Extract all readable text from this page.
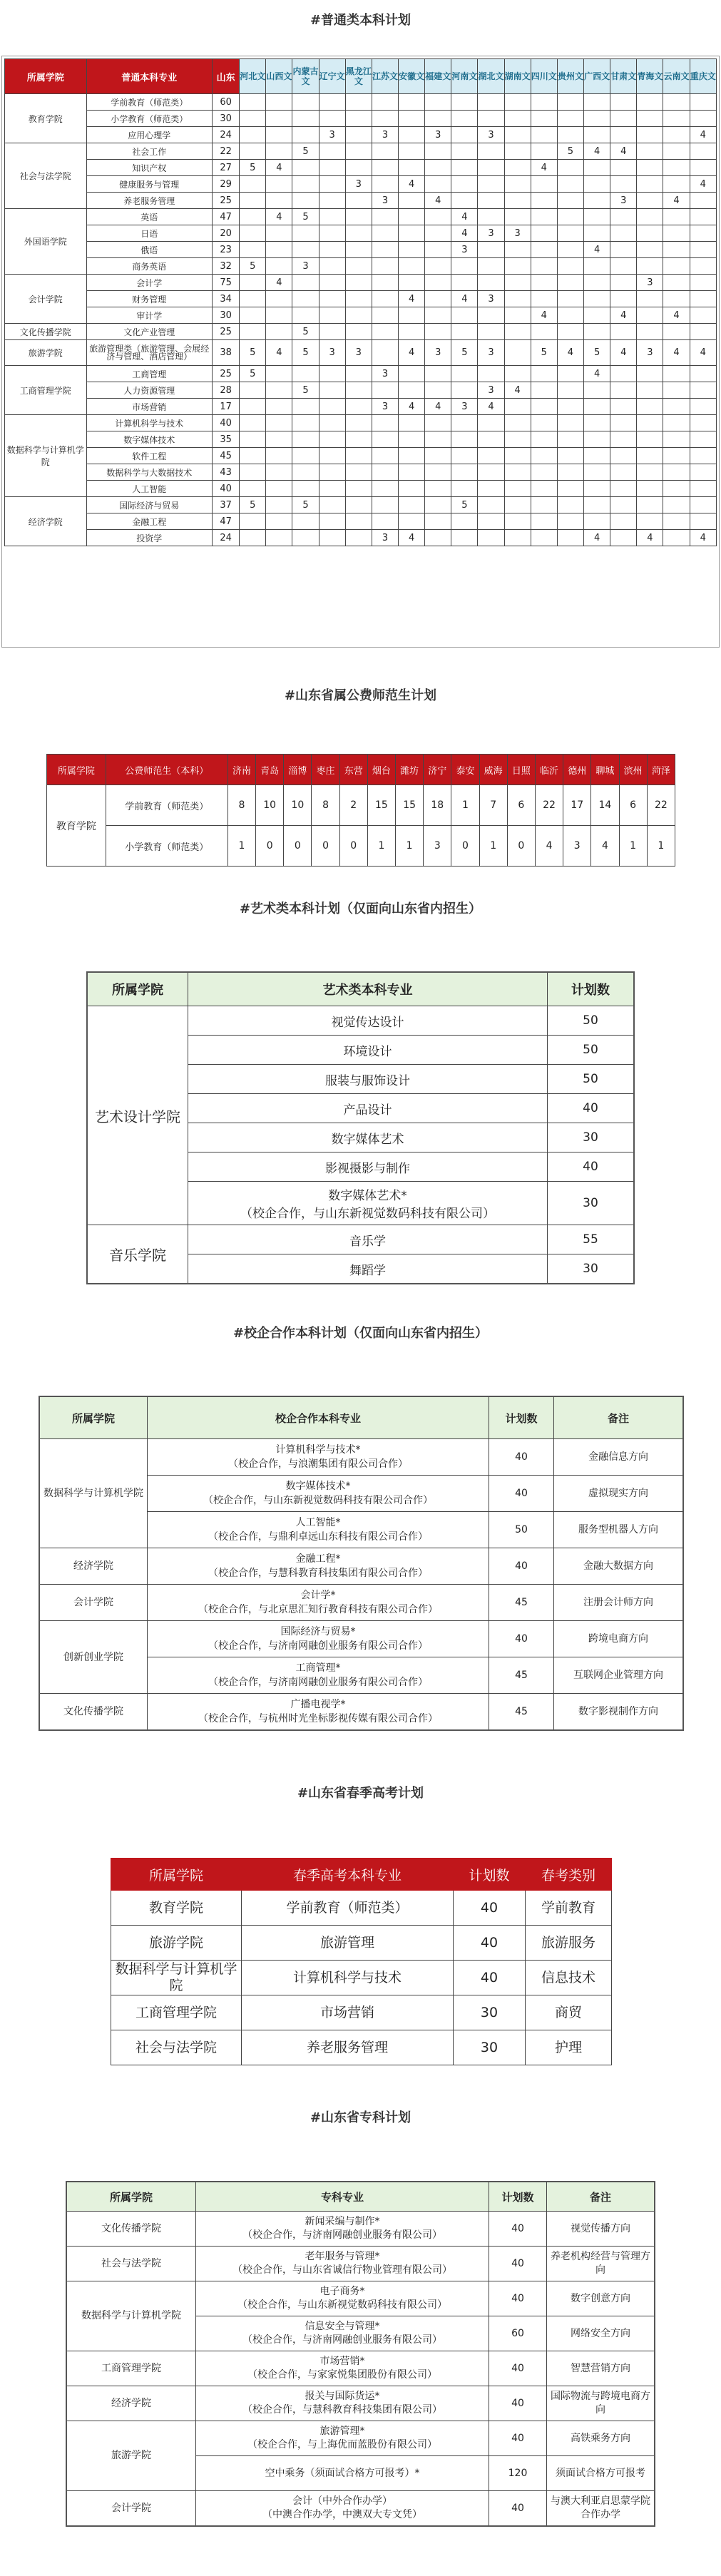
#普通类本科计划
所属学院	普通本科专业	山东	河北文	山西文	内蒙古文	辽宁文	黑龙江文	江苏文	安徽文	福建文	河南文	湖北文	湖南文	四川文	贵州文	广西文	甘肃文	青海文	云南文	重庆文
教育学院	学前教育（师范类）	60																		
	小学教育（师范类）	30																		
	应用心理学	24				3		3		3		3								4
社会与法学院	社会工作	22			5										5	4	4			
	知识产权	27	5	4										4						
	健康服务与管理	29					3		4											4
	养老服务管理	25						3		4							3		4	
外国语学院	英语	47		4	5						4									
	日语	20									4	3	3							
	俄语	23									3					4				
	商务英语	32	5		3															
会计学院	会计学	75		4														3		
	财务管理	34							4		4	3								
	审计学	30												4			4		4	
文化传播学院	文化产业管理	25			5															
旅游学院	旅游管理类（旅游管理、会展经济与管理、酒店管理）	38	5	4	5	3	3		4	3	5	3		5	4	5	4	3	4	4
工商管理学院	工商管理	25	5					3								4				
	人力资源管理	28			5							3	4							
	市场营销	17						3	4	4	3	4								
数据科学与计算机学院	计算机科学与技术	40																		
	数字媒体技术	35																		
	软件工程	45																		
	数据科学与大数据技术	43																		
	人工智能	40																		
经济学院	国际经济与贸易	37	5		5						5									
	金融工程	47																		
	投资学	24						3	4							4		4		4
#山东省属公费师范生计划
所属学院	公费师范生（本科）	济南	青岛	淄博	枣庄	东营	烟台	潍坊	济宁	泰安	威海	日照	临沂	德州	聊城	滨州	菏泽
教育学院	学前教育（师范类）	8	10	10	8	2	15	15	18	1	7	6	22	17	14	6	22
	小学教育（师范类）	1	0	0	0	0	1	1	3	0	1	0	4	3	4	1	1
#艺术类本科计划（仅面向山东省内招生）
所属学院	艺术类本科专业	计划数
艺术设计学院	视觉传达设计	50
	环境设计	50
	服装与服饰设计	50
	产品设计	40
	数字媒体艺术	30
	影视摄影与制作	40
	数字媒体艺术*
（校企合作，与山东新视觉数码科技有限公司）	30
音乐学院	音乐学	55
	舞蹈学	30
#校企合作本科计划（仅面向山东省内招生）
所属学院	校企合作本科专业	计划数	备注
数据科学与计算机学院	计算机科学与技术*
（校企合作，与浪潮集团有限公司合作）	40	金融信息方向
	数字媒体技术*
（校企合作，与山东新视觉数码科技有限公司合作）	40	虚拟现实方向
	人工智能*
（校企合作，与鼎利卓远山东科技有限公司合作）	50	服务型机器人方向
经济学院	金融工程*
（校企合作，与慧科教育科技集团有限公司合作）	40	金融大数据方向
会计学院	会计学*
（校企合作，与北京思汇知行教育科技有限公司合作）	45	注册会计师方向
创新创业学院	国际经济与贸易*
（校企合作，与济南网融创业服务有限公司合作）	40	跨境电商方向
	工商管理*
（校企合作，与济南网融创业服务有限公司合作）	45	互联网企业管理方向
文化传播学院	广播电视学*
（校企合作，与杭州时光坐标影视传媒有限公司合作）	45	数字影视制作方向
#山东省春季高考计划
所属学院	春季高考本科专业	计划数	春考类别
教育学院	学前教育（师范类）	40	学前教育
旅游学院	旅游管理	40	旅游服务
数据科学与计算机学院	计算机科学与技术	40	信息技术
工商管理学院	市场营销	30	商贸
社会与法学院	养老服务管理	30	护理
#山东省专科计划
所属学院	专科专业	计划数	备注
文化传播学院	新闻采编与制作*
（校企合作，与济南网融创业服务有限公司）	40	视觉传播方向
社会与法学院	老年服务与管理*
（校企合作，与山东省诚信行物业管理有限公司）	40	养老机构经营与管理方向
数据科学与计算机学院	电子商务*
（校企合作，与山东新视觉数码科技有限公司）	40	数字创意方向
	信息安全与管理*
（校企合作，与济南网融创业服务有限公司）	60	网络安全方向
工商管理学院	市场营销*
（校企合作，与家家悦集团股份有限公司）	40	智慧营销方向
经济学院	报关与国际货运*
（校企合作，与慧科教育科技集团有限公司）	40	国际物流与跨境电商方向
旅游学院	旅游管理*
（校企合作，与上海优而蓝股份有限公司）	40	高铁乘务方向
	空中乘务（须面试合格方可报考）*	120	须面试合格方可报考
会计学院	会计（中外合作办学）
（中澳合作办学，中澳双大专文凭）	40	与澳大利亚启思蒙学院合作办学
